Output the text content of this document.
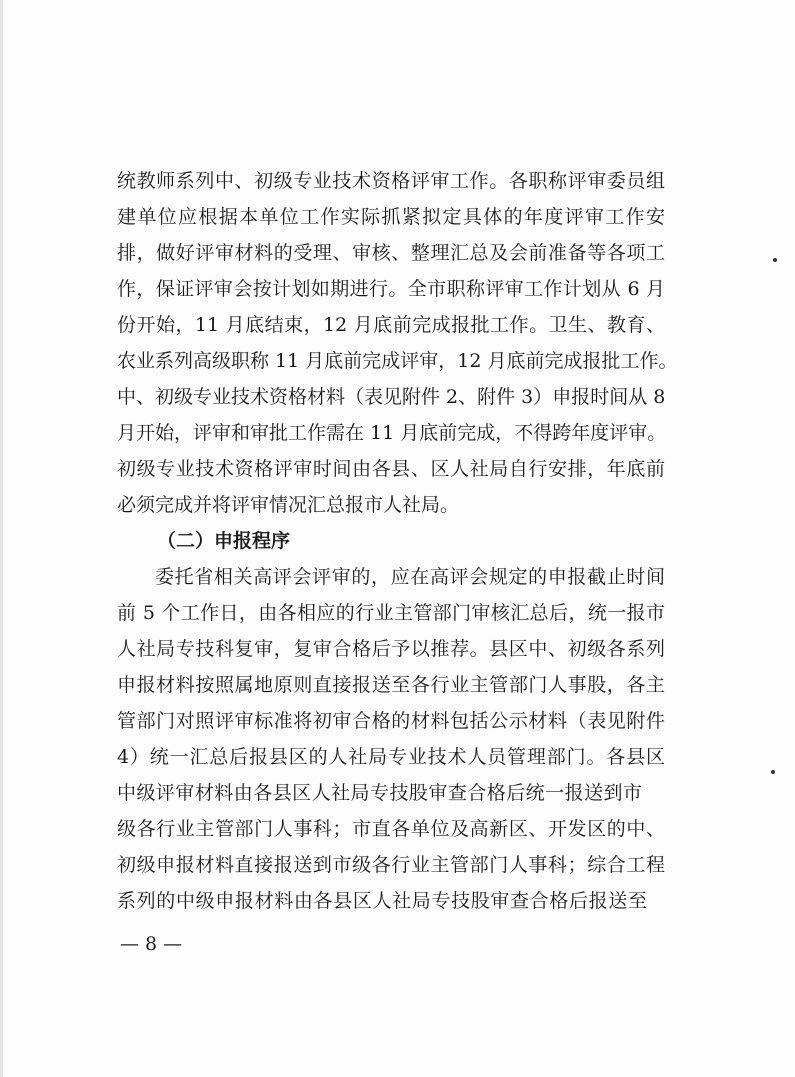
统教师系列中、初级专业技术资格评审工作。各职称评审委员组
建单位应根据本单位工作实际抓紧拟定具体的年度评审工作安
排，做好评审材料的受理、审核、整理汇总及会前准备等各项工
作，保证评审会按计划如期进行。全市职称评审工作计划从 6 月
份开始，11 月底结束，12 月底前完成报批工作。卫生、教育、
农业系列高级职称 11 月底前完成评审，12 月底前完成报批工作。
中、初级专业技术资格材料（表见附件 2、附件 3）申报时间从 8
月开始，评审和审批工作需在 11 月底前完成，不得跨年度评审。
初级专业技术资格评审时间由各县、区人社局自行安排，年底前
必须完成并将评审情况汇总报市人社局。
（二）申报程序
委托省相关高评会评审的，应在高评会规定的申报截止时间
前 5 个工作日，由各相应的行业主管部门审核汇总后，统一报市
人社局专技科复审，复审合格后予以推荐。县区中、初级各系列
申报材料按照属地原则直接报送至各行业主管部门人事股，各主
管部门对照评审标准将初审合格的材料包括公示材料（表见附件
4）统一汇总后报县区的人社局专业技术人员管理部门。各县区
中级评审材料由各县区人社局专技股审查合格后统一报送到市
级各行业主管部门人事科；市直各单位及高新区、开发区的中、
初级申报材料直接报送到市级各行业主管部门人事科；综合工程
系列的中级申报材料由各县区人社局专技股审查合格后报送至
— 8 —
